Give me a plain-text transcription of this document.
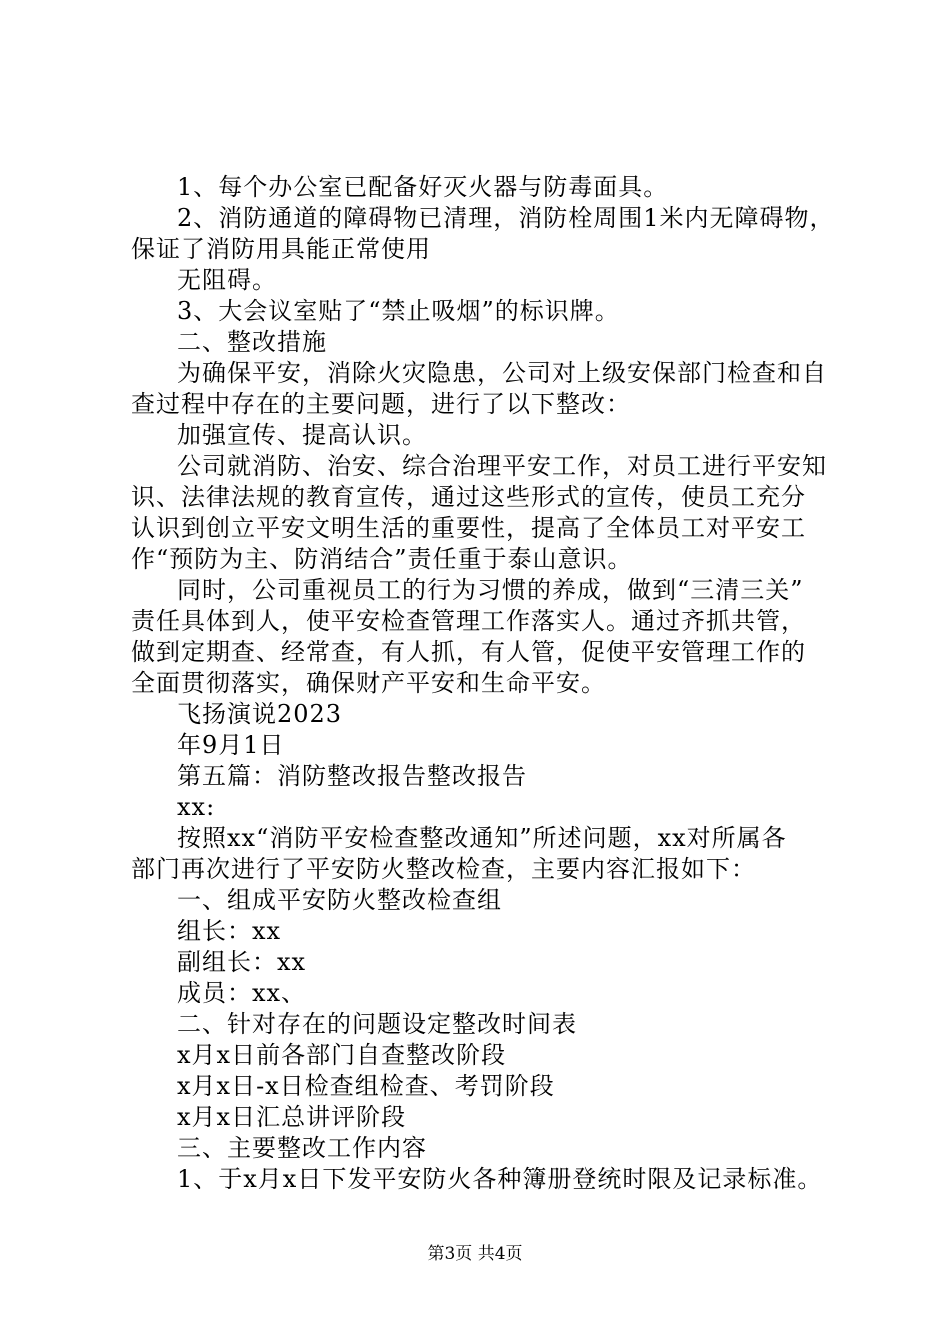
1、每个办公室已配备好灭火器与防毒面具。
2、消防通道的障碍物已清理，消防栓周围1米内无障碍物，
保证了消防用具能正常使用
无阻碍。
3、大会议室贴了“禁止吸烟”的标识牌。
二、整改措施
为确保平安，消除火灾隐患，公司对上级安保部门检查和自
查过程中存在的主要问题，进行了以下整改：
加强宣传、提高认识。
公司就消防、治安、综合治理平安工作，对员工进行平安知
识、法律法规的教育宣传，通过这些形式的宣传，使员工充分
认识到创立平安文明生活的重要性，提高了全体员工对平安工
作“预防为主、防消结合”责任重于泰山意识。
同时，公司重视员工的行为习惯的养成，做到“三清三关”
责任具体到人，使平安检查管理工作落实人。通过齐抓共管，
做到定期查、经常查，有人抓，有人管，促使平安管理工作的
全面贯彻落实，确保财产平安和生命平安。
飞扬演说2023
年9月1日
第五篇：消防整改报告整改报告
xx:
按照xx“消防平安检查整改通知”所述问题，xx对所属各
部门再次进行了平安防火整改检查，主要内容汇报如下：
一、组成平安防火整改检查组
组长：xx
副组长：xx
成员：xx、
二、针对存在的问题设定整改时间表
x月x日前各部门自查整改阶段
x月x日-x日检查组检查、考罚阶段
x月x日汇总讲评阶段
三、主要整改工作内容
1、于x月x日下发平安防火各种簿册登统时限及记录标准。
第3页 共4页
